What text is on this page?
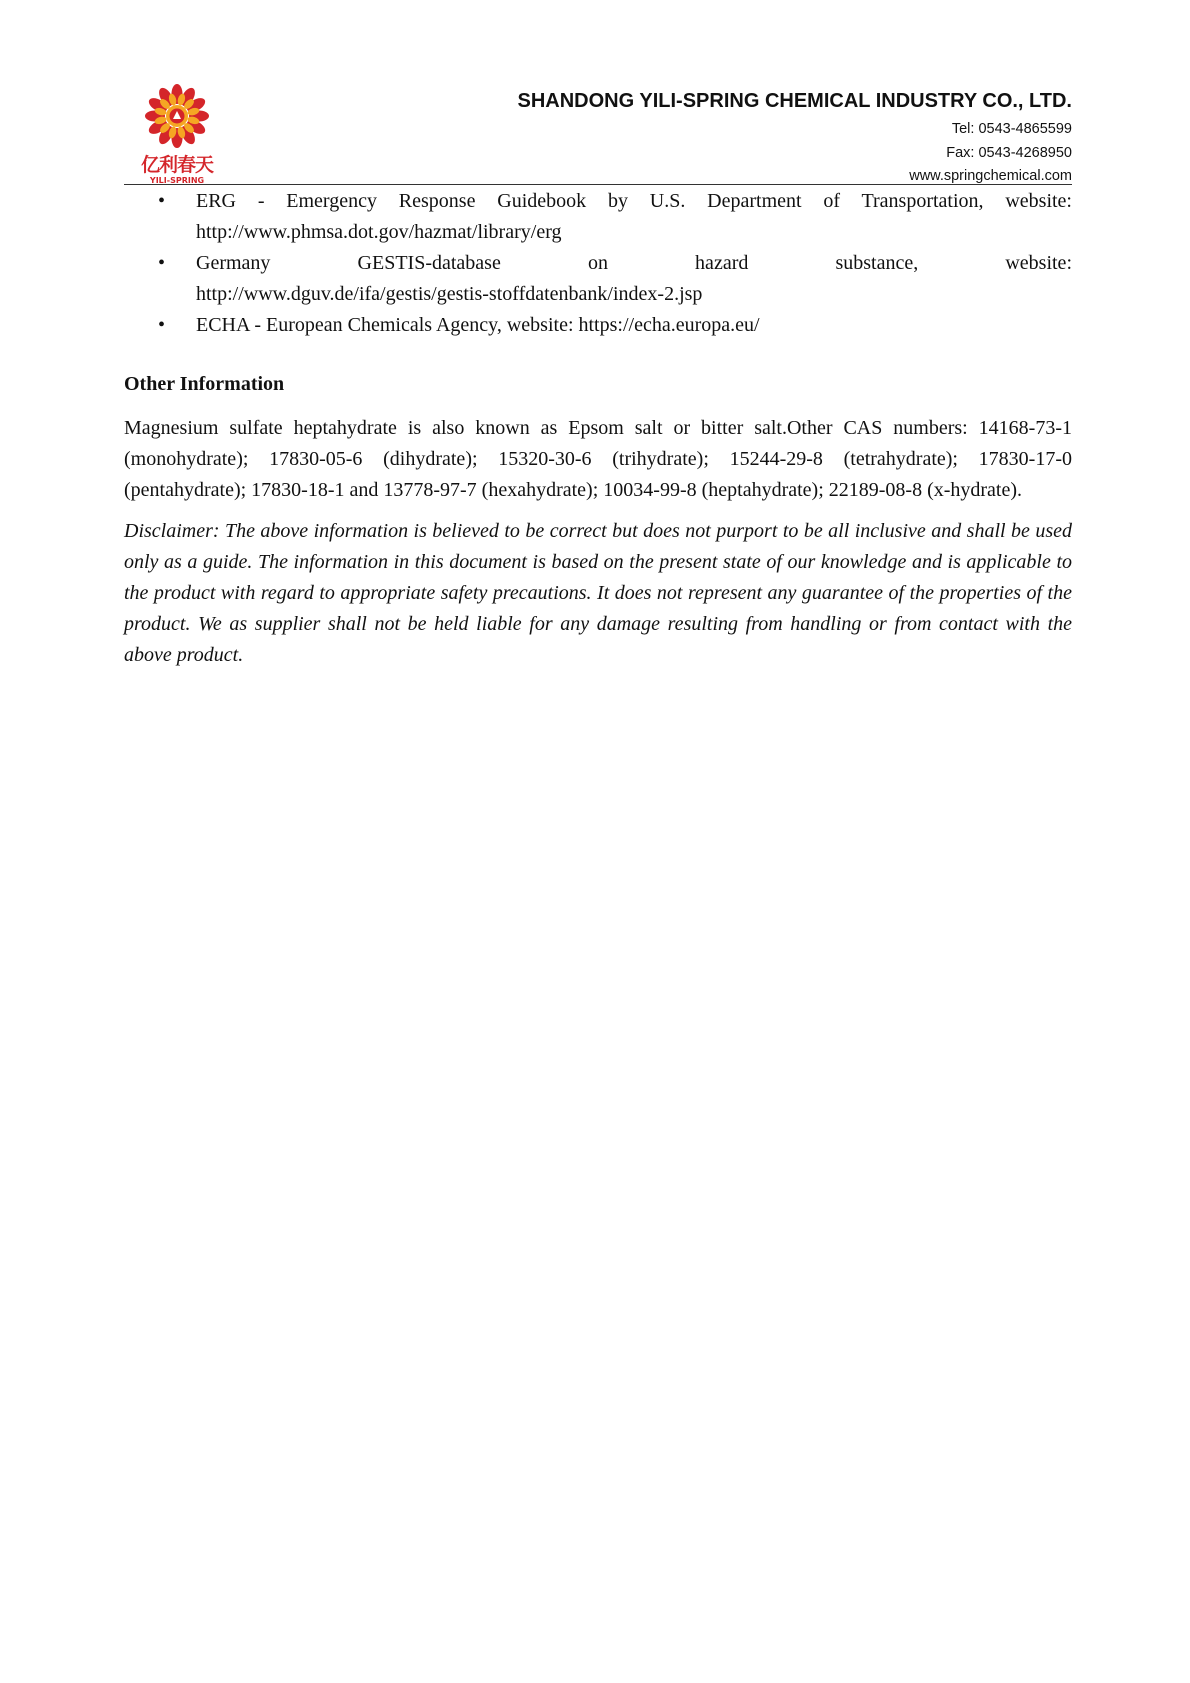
亿利春天
YILI-SPRING
SHANDONG YILI-SPRING CHEMICAL INDUSTRY CO., LTD.
Tel: 0543-4865599
Fax: 0543-4268950
www.springchemical.com
• ERG - Emergency Response Guidebook by U.S. Department of Transportation, website:
http://www.phmsa.dot.gov/hazmat/library/erg
• Germany GESTIS-database on hazard substance, website:
http://www.dguv.de/ifa/gestis/gestis-stoffdatenbank/index-2.jsp
• ECHA - European Chemicals Agency, website: https://echa.europa.eu/
Other Information
Magnesium sulfate heptahydrate is also known as Epsom salt or bitter salt.Other CAS numbers: 14168-73-1 (monohydrate); 17830-05-6 (dihydrate); 15320-30-6 (trihydrate); 15244-29-8 (tetrahydrate); 17830-17-0 (pentahydrate); 17830-18-1 and 13778-97-7 (hexahydrate); 10034-99-8 (heptahydrate); 22189-08-8 (x-hydrate).
Disclaimer: The above information is believed to be correct but does not purport to be all inclusive and shall be used only as a guide. The information in this document is based on the present state of our knowledge and is applicable to the product with regard to appropriate safety precautions. It does not represent any guarantee of the properties of the product. We as supplier shall not be held liable for any damage resulting from handling or from contact with the above product.
